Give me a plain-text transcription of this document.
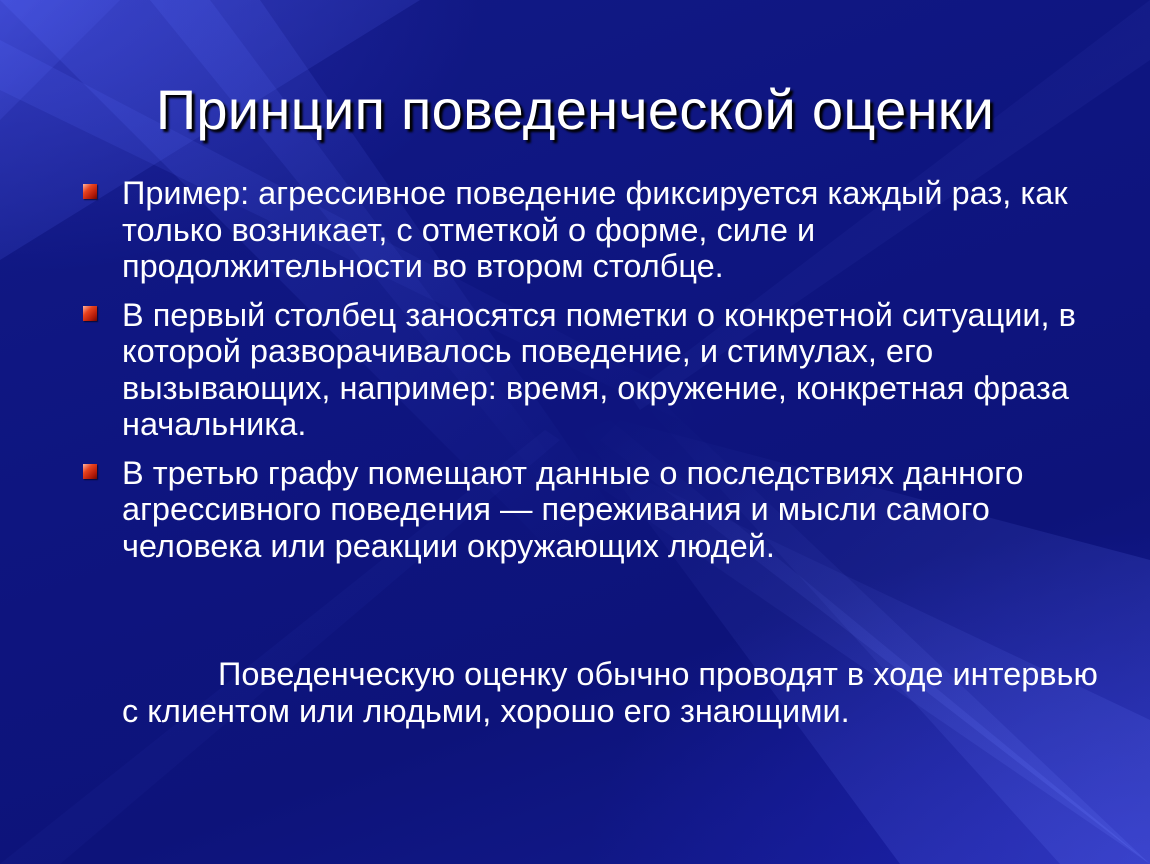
Принцип поведенческой оценки
Пример: агрессивное поведение фиксируется каждый раз, как только возникает, с отметкой о форме, силе и продолжительности во втором столбце.
В первый столбец заносятся пометки о конкретной ситуации, в которой разворачивалось поведение, и стимулах, его вызывающих, например: время, окружение, конкретная фраза начальника.
В третью графу помещают данные о последствиях данного агрессивного поведения — переживания и мысли самого человека или реакции окружающих людей.

Поведенческую оценку обычно проводят в ходе интервью с клиентом или людьми, хорошо его знающими.
